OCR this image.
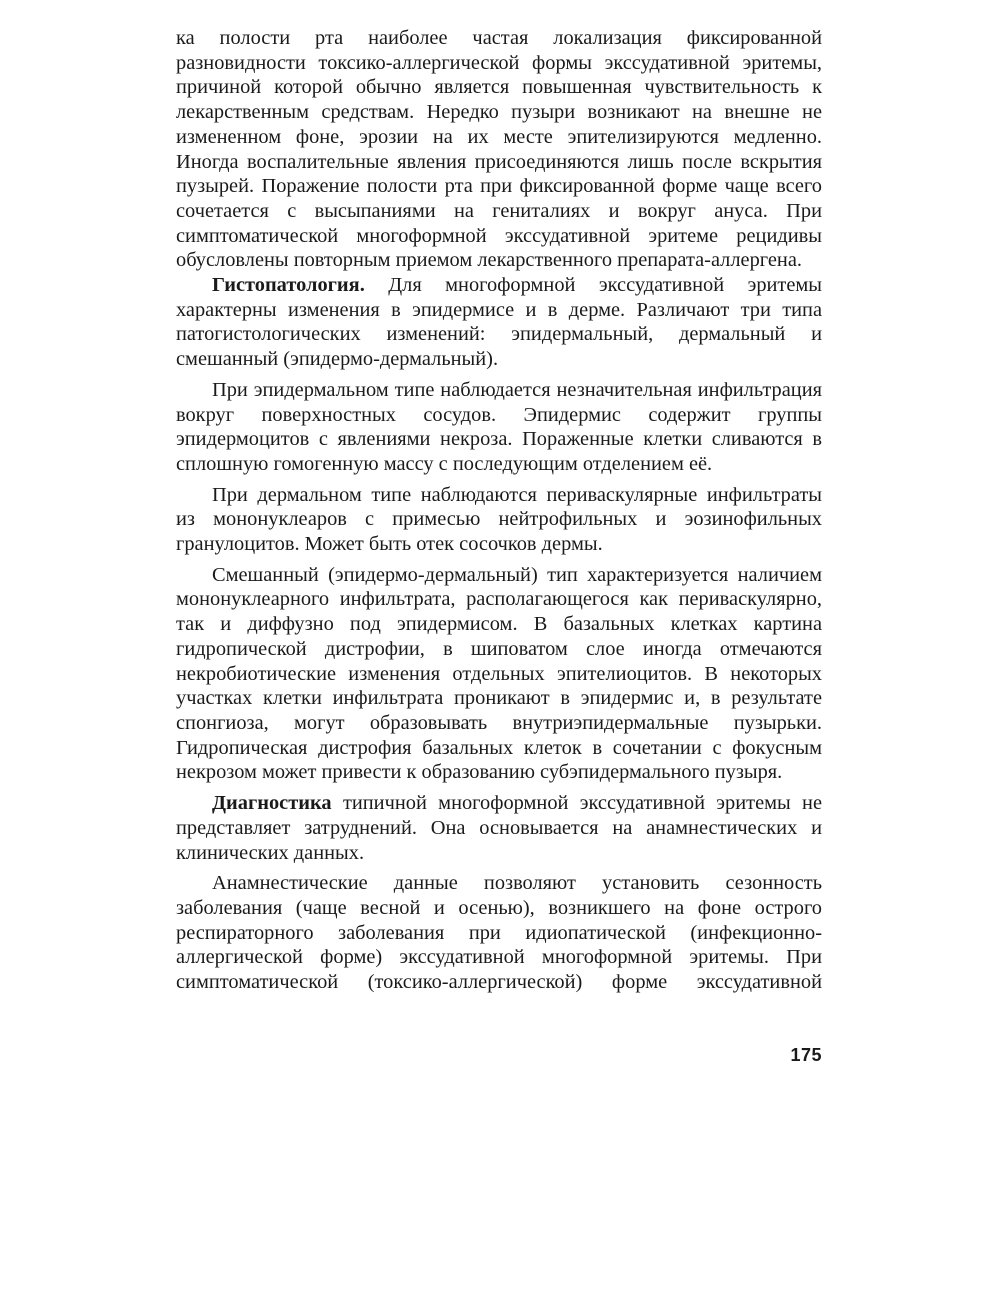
ка полости рта наиболее частая локализация фиксированной разновидности токсико-аллергической формы экссудативной эритемы, причиной которой обычно является повышенная чувствительность к лекарственным средствам. Нередко пузыри возникают на внешне не измененном фоне, эрозии на их месте эпителизируются медленно. Иногда воспалительные явления присоединяются лишь после вскрытия пузырей. Поражение полости рта при фиксированной форме чаще всего сочетается с высыпаниями на гениталиях и вокруг ануса. При симптоматической многоформной экссудативной эритеме рецидивы обусловлены повторным приемом лекарственного препарата-аллергена.

Гистопатология. Для многоформной экссудативной эритемы характерны изменения в эпидермисе и в дерме. Различают три типа патогистологических изменений: эпидермальный, дермальный и смешанный (эпидермо-дермальный).

При эпидермальном типе наблюдается незначительная инфильтрация вокруг поверхностных сосудов. Эпидермис содержит группы эпидермоцитов с явлениями некроза. Пораженные клетки сливаются в сплошную гомогенную массу с последующим отделением её.

При дермальном типе наблюдаются периваскулярные инфильтраты из мононуклеаров с примесью нейтрофильных и эозинофильных гранулоцитов. Может быть отек сосочков дермы.

Смешанный (эпидермо-дермальный) тип характеризуется наличием мононуклеарного инфильтрата, располагающегося как периваскулярно, так и диффузно под эпидермисом. В базальных клетках картина гидропической дистрофии, в шиповатом слое иногда отмечаются некробиотические изменения отдельных эпителиоцитов. В некоторых участках клетки инфильтрата проникают в эпидермис и, в результате спонгиоза, могут образовывать внутриэпидермальные пузырьки. Гидропическая дистрофия базальных клеток в сочетании с фокусным некрозом может привести к образованию субэпидермального пузыря.

Диагностика типичной многоформной экссудативной эритемы не представляет затруднений. Она основывается на анамнестических и клинических данных.

Анамнестические данные позволяют установить сезонность заболевания (чаще весной и осенью), возникшего на фоне острого респираторного заболевания при идиопатической (инфекционно-аллергической форме) экссудативной многоформной эритемы. При симптоматической (токсико-аллергической) форме экссудативной

175
